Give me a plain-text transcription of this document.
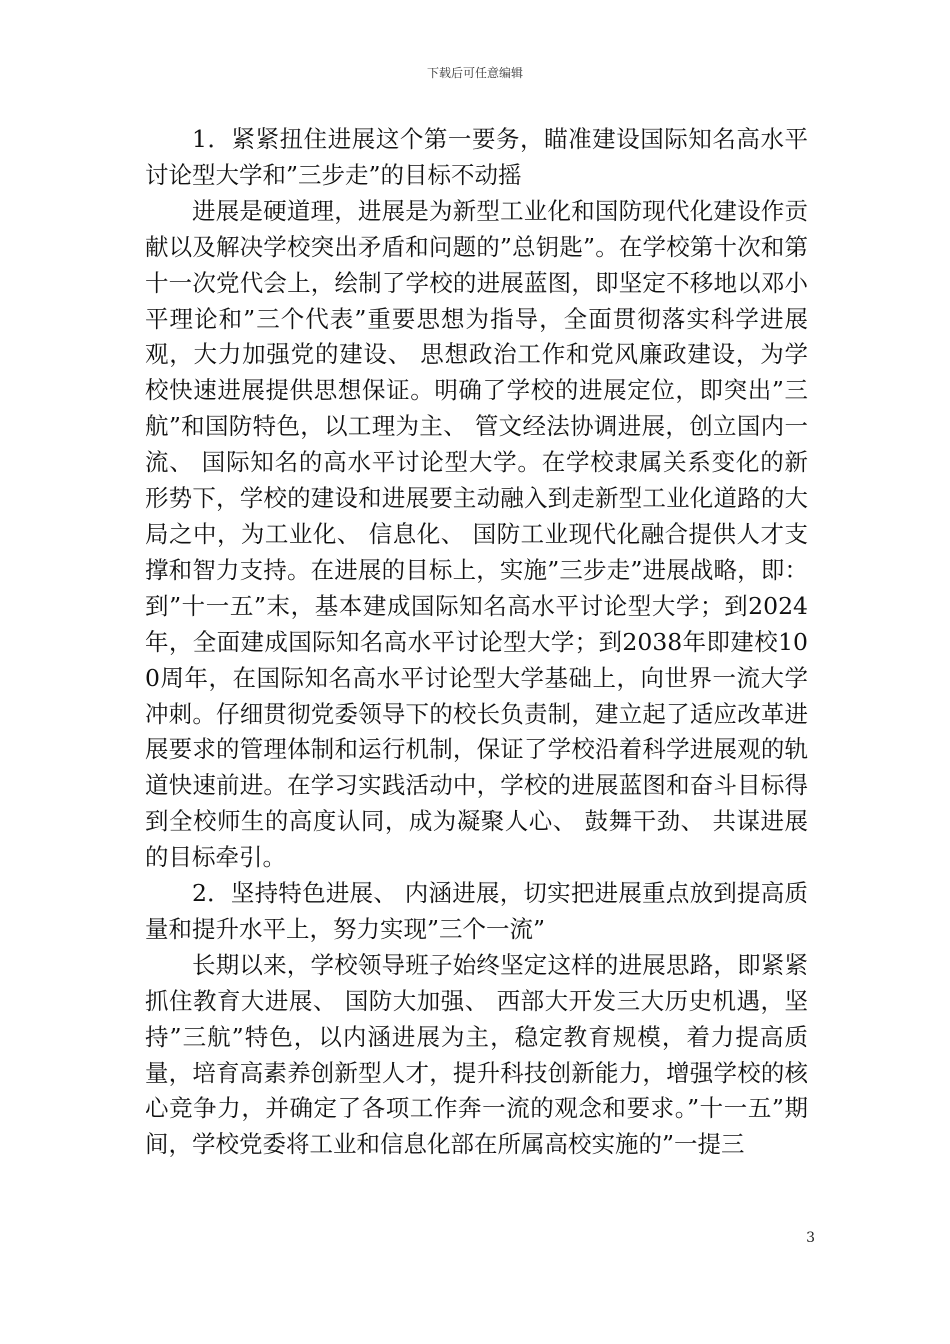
下载后可任意编辑

1．紧紧扭住进展这个第一要务，瞄准建设国际知名高水平讨论型大学和”三步走”的目标不动摇

进展是硬道理，进展是为新型工业化和国防现代化建设作贡献以及解决学校突出矛盾和问题的”总钥匙”。在学校第十次和第十一次党代会上，绘制了学校的进展蓝图，即坚定不移地以邓小平理论和”三个代表”重要思想为指导，全面贯彻落实科学进展观，大力加强党的建设、 思想政治工作和党风廉政建设，为学校快速进展提供思想保证。明确了学校的进展定位，即突出”三航”和国防特色，以工理为主、 管文经法协调进展，创立国内一流、 国际知名的高水平讨论型大学。在学校隶属关系变化的新形势下，学校的建设和进展要主动融入到走新型工业化道路的大局之中，为工业化、 信息化、 国防工业现代化融合提供人才支撑和智力支持。在进展的目标上，实施”三步走”进展战略，即：到”十一五”末，基本建成国际知名高水平讨论型大学；到2024年，全面建成国际知名高水平讨论型大学；到2038年即建校100周年，在国际知名高水平讨论型大学基础上，向世界一流大学冲刺。仔细贯彻党委领导下的校长负责制，建立起了适应改革进展要求的管理体制和运行机制，保证了学校沿着科学进展观的轨道快速前进。在学习实践活动中，学校的进展蓝图和奋斗目标得到全校师生的高度认同，成为凝聚人心、 鼓舞干劲、 共谋进展的目标牵引。

2．坚持特色进展、 内涵进展，切实把进展重点放到提高质量和提升水平上，努力实现”三个一流”

长期以来，学校领导班子始终坚定这样的进展思路，即紧紧抓住教育大进展、 国防大加强、 西部大开发三大历史机遇，坚持”三航”特色，以内涵进展为主，稳定教育规模，着力提高质量，培育高素养创新型人才，提升科技创新能力，增强学校的核心竞争力，并确定了各项工作奔一流的观念和要求。”十一五”期间，学校党委将工业和信息化部在所属高校实施的”一提三

3
